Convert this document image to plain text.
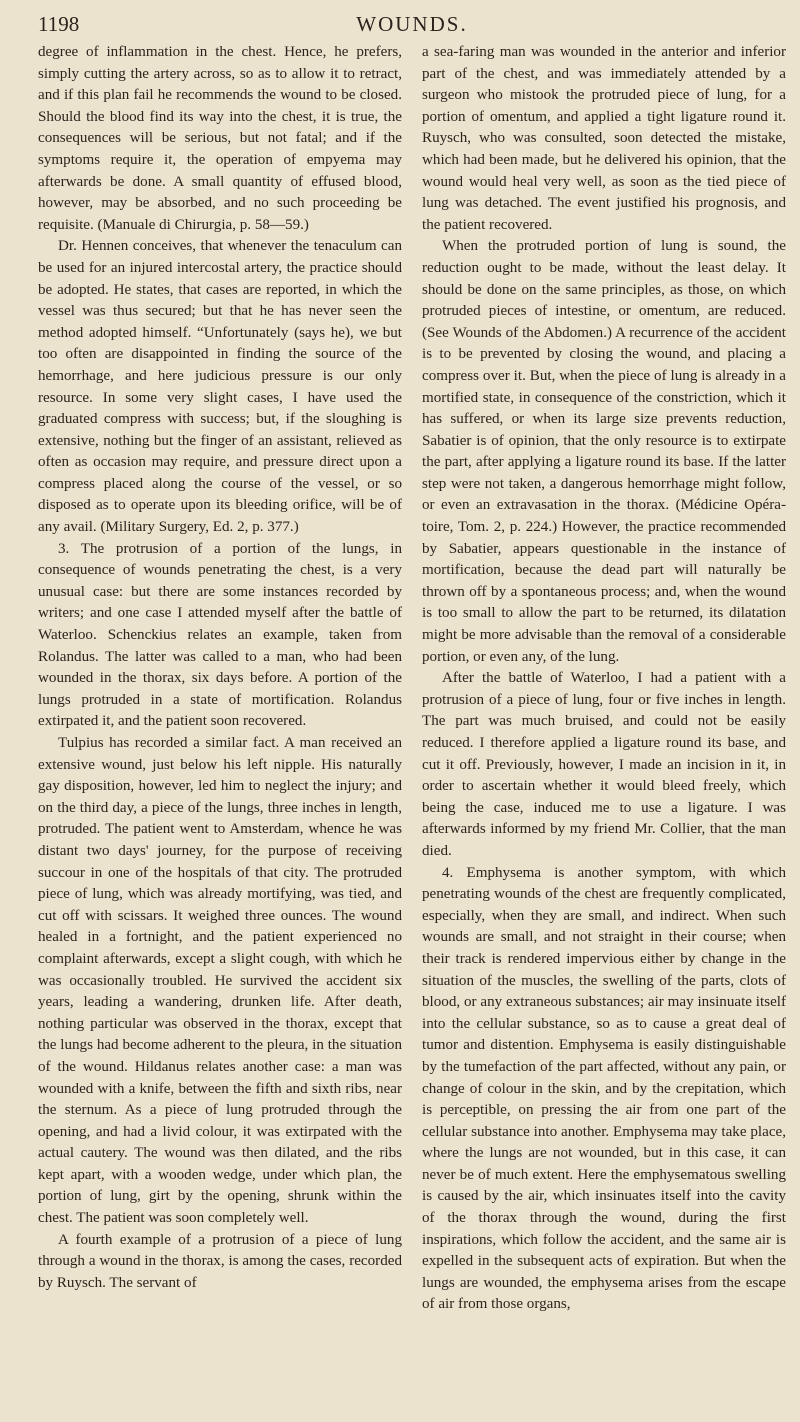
1198	WOUNDS.

degree of inflammation in the chest. Hence, he prefers, simply cutting the artery across, so as to allow it to retract, and if this plan fail he recommends the wound to be closed. Should the blood find its way into the chest, it is true, the consequences will be serious, but not fatal; and if the symptoms require it, the operation of empyema may afterwards be done. A small quantity of effused blood, however, may be absorbed, and no such proceeding be requisite. (Manuale di Chirurgia, p. 58—59.)

Dr. Hennen conceives, that whenever the tenaculum can be used for an injured intercostal artery, the practice should be adopted. He states, that cases are reported, in which the vessel was thus secured; but that he has never seen the method adopted himself. “Unfortunately (says he), we but too often are disappointed in finding the source of the hemorrhage, and here judicious pressure is our only resource. In some very slight cases, I have used the graduated compress with success; but, if the sloughing is extensive, nothing but the finger of an assistant, relieved as often as occasion may require, and pressure direct upon a compress placed along the course of the vessel, or so disposed as to operate upon its bleeding orifice, will be of any avail. (Military Surgery, Ed. 2, p. 377.)

3. The protrusion of a portion of the lungs, in consequence of wounds penetrating the chest, is a very unusual case: but there are some instances recorded by writers; and one case I attended myself after the battle of Waterloo. Schenckius relates an example, taken from Rolandus. The latter was called to a man, who had been wounded in the thorax, six days before. A portion of the lungs protruded in a state of mortification. Rolandus extirpated it, and the patient soon recovered.

Tulpius has recorded a similar fact. A man received an extensive wound, just below his left nipple. His naturally gay disposition, however, led him to neglect the injury; and on the third day, a piece of the lungs, three inches in length, protruded. The patient went to Amsterdam, whence he was distant two days' journey, for the purpose of receiving succour in one of the hospitals of that city. The protruded piece of lung, which was already mortifying, was tied, and cut off with scissars. It weighed three ounces. The wound healed in a fortnight, and the patient experienced no complaint afterwards, except a slight cough, with which he was occasionally troubled. He survived the accident six years, leading a wandering, drunken life. After death, nothing particular was observed in the thorax, except that the lungs had become adherent to the pleura, in the situation of the wound. Hildanus relates another case: a man was wounded with a knife, between the fifth and sixth ribs, near the sternum. As a piece of lung protruded through the opening, and had a livid colour, it was extirpated with the actual cautery. The wound was then dilated, and the ribs kept apart, with a wooden wedge, under which plan, the portion of lung, girt by the opening, shrunk within the chest. The patient was soon completely well.

A fourth example of a protrusion of a piece of lung through a wound in the thorax, is among the cases, recorded by Ruysch. The servant of

a sea-faring man was wounded in the anterior and inferior part of the chest, and was immediately attended by a surgeon who mistook the protruded piece of lung, for a portion of omentum, and applied a tight ligature round it. Ruysch, who was consulted, soon detected the mistake, which had been made, but he delivered his opinion, that the wound would heal very well, as soon as the tied piece of lung was detached. The event justified his prognosis, and the patient recovered.

When the protruded portion of lung is sound, the reduction ought to be made, without the least delay. It should be done on the same principles, as those, on which protruded pieces of intestine, or omentum, are reduced. (See Wounds of the Abdomen.) A recurrence of the accident is to be prevented by closing the wound, and placing a compress over it. But, when the piece of lung is already in a mortified state, in consequence of the constriction, which it has suffered, or when its large size prevents reduction, Sabatier is of opinion, that the only resource is to extirpate the part, after applying a ligature round its base. If the latter step were not taken, a dangerous hemorrhage might follow, or even an extravasation in the thorax. (Médicine Opéra-toire, Tom. 2, p. 224.) However, the practice recommended by Sabatier, appears questionable in the instance of mortification, because the dead part will naturally be thrown off by a spontaneous process; and, when the wound is too small to allow the part to be returned, its dilatation might be more advisable than the removal of a considerable portion, or even any, of the lung.

After the battle of Waterloo, I had a patient with a protrusion of a piece of lung, four or five inches in length. The part was much bruised, and could not be easily reduced. I therefore applied a ligature round its base, and cut it off. Previously, however, I made an incision in it, in order to ascertain whether it would bleed freely, which being the case, induced me to use a ligature. I was afterwards informed by my friend Mr. Collier, that the man died.

4. Emphysema is another symptom, with which penetrating wounds of the chest are frequently complicated, especially, when they are small, and indirect. When such wounds are small, and not straight in their course; when their track is rendered impervious either by change in the situation of the muscles, the swelling of the parts, clots of blood, or any extraneous substances; air may insinuate itself into the cellular substance, so as to cause a great deal of tumor and distention. Emphysema is easily distinguishable by the tumefaction of the part affected, without any pain, or change of colour in the skin, and by the crepitation, which is perceptible, on pressing the air from one part of the cellular substance into another. Emphysema may take place, where the lungs are not wounded, but in this case, it can never be of much extent. Here the emphysematous swelling is caused by the air, which insinuates itself into the cavity of the thorax through the wound, during the first inspirations, which follow the accident, and the same air is expelled in the subsequent acts of expiration. But when the lungs are wounded, the emphysema arises from the escape of air from those organs,
